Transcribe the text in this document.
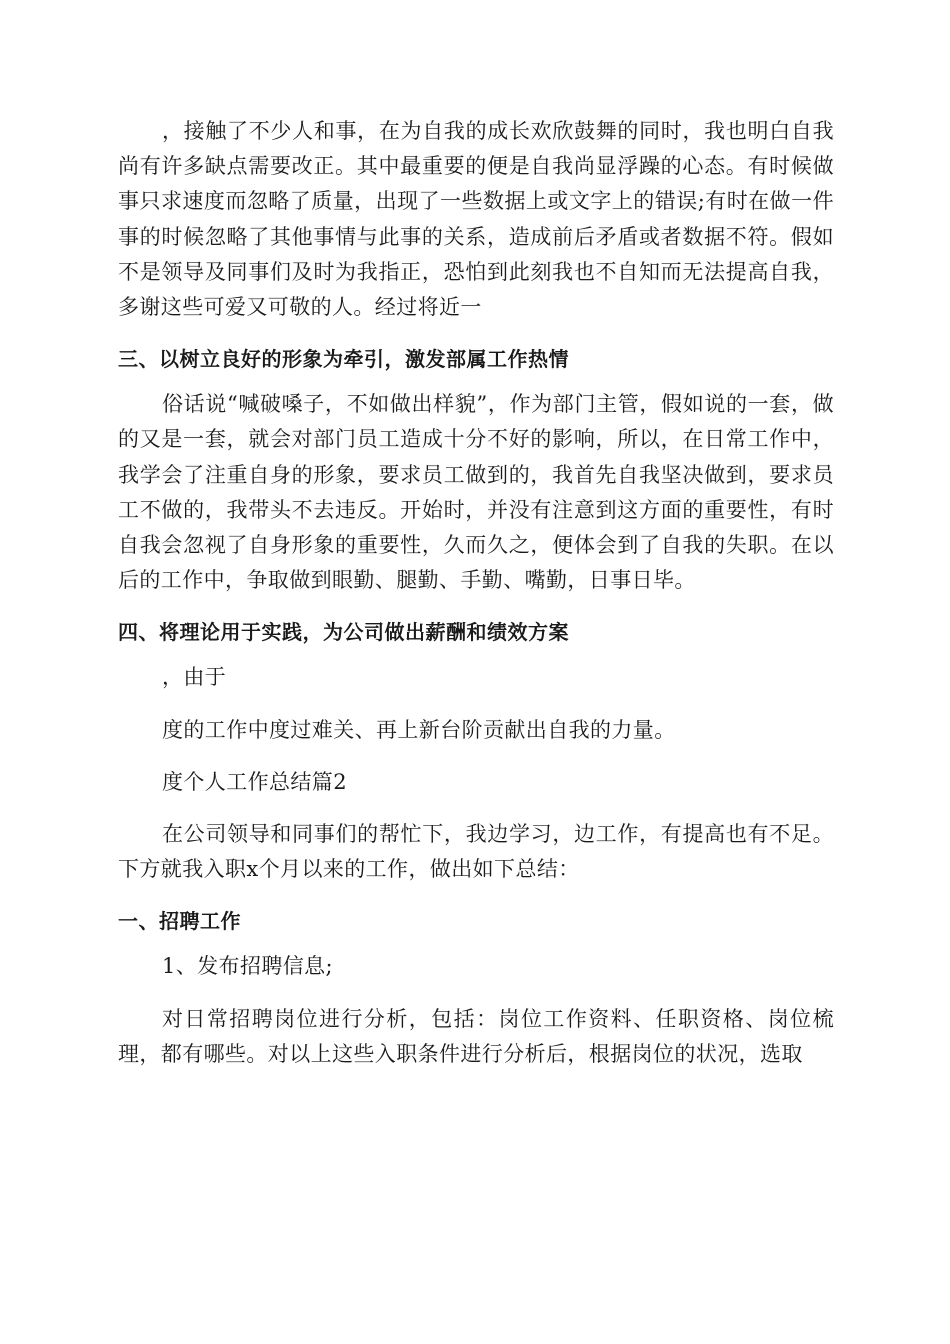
，接触了不少人和事，在为自我的成长欢欣鼓舞的同时，我也明白自我尚有许多缺点需要改正。其中最重要的便是自我尚显浮躁的心态。有时候做事只求速度而忽略了质量，出现了一些数据上或文字上的错误;有时在做一件事的时候忽略了其他事情与此事的关系，造成前后矛盾或者数据不符。假如不是领导及同事们及时为我指正，恐怕到此刻我也不自知而无法提高自我，多谢这些可爱又可敬的人。经过将近一

三、以树立良好的形象为牵引，激发部属工作热情

俗话说“喊破嗓子，不如做出样貌”，作为部门主管，假如说的一套，做的又是一套，就会对部门员工造成十分不好的影响，所以，在日常工作中，我学会了注重自身的形象，要求员工做到的，我首先自我坚决做到，要求员工不做的，我带头不去违反。开始时，并没有注意到这方面的重要性，有时自我会忽视了自身形象的重要性，久而久之，便体会到了自我的失职。在以后的工作中，争取做到眼勤、腿勤、手勤、嘴勤，日事日毕。

四、将理论用于实践，为公司做出薪酬和绩效方案

，由于

度的工作中度过难关、再上新台阶贡献出自我的力量。

度个人工作总结篇2

在公司领导和同事们的帮忙下，我边学习，边工作，有提高也有不足。下方就我入职x个月以来的工作，做出如下总结：

一、招聘工作

1、发布招聘信息;

对日常招聘岗位进行分析，包括：岗位工作资料、任职资格、岗位梳理，都有哪些。对以上这些入职条件进行分析后，根据岗位的状况，选取
